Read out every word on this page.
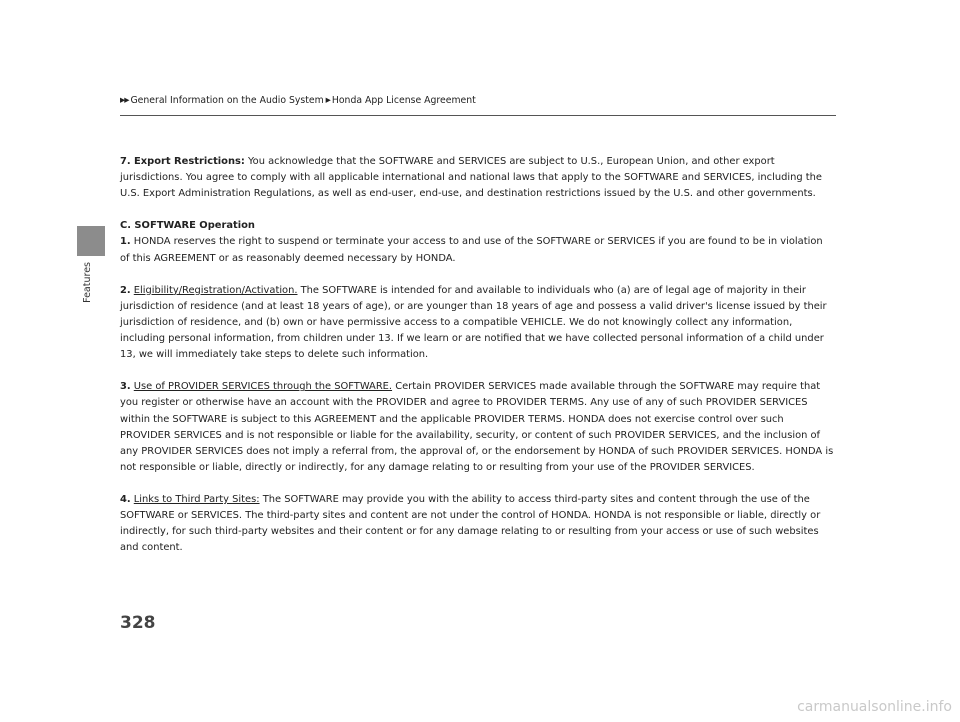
Features
▶▶ General Information on the Audio System ▶Honda App License Agreement

7. Export Restrictions: You acknowledge that the SOFTWARE and SERVICES are subject to U.S., European Union, and other export jurisdictions. You agree to comply with all applicable international and national laws that apply to the SOFTWARE and SERVICES, including the U.S. Export Administration Regulations, as well as end-user, end-use, and destination restrictions issued by the U.S. and other governments.

C. SOFTWARE Operation
1. HONDA reserves the right to suspend or terminate your access to and use of the SOFTWARE or SERVICES if you are found to be in violation of this AGREEMENT or as reasonably deemed necessary by HONDA.

2. Eligibility/Registration/Activation. The SOFTWARE is intended for and available to individuals who (a) are of legal age of majority in their jurisdiction of residence (and at least 18 years of age), or are younger than 18 years of age and possess a valid driver's license issued by their jurisdiction of residence, and (b) own or have permissive access to a compatible VEHICLE. We do not knowingly collect any information, including personal information, from children under 13. If we learn or are notified that we have collected personal information of a child under 13, we will immediately take steps to delete such information.

3. Use of PROVIDER SERVICES through the SOFTWARE. Certain PROVIDER SERVICES made available through the SOFTWARE may require that you register or otherwise have an account with the PROVIDER and agree to PROVIDER TERMS. Any use of any of such PROVIDER SERVICES within the SOFTWARE is subject to this AGREEMENT and the applicable PROVIDER TERMS. HONDA does not exercise control over such PROVIDER SERVICES and is not responsible or liable for the availability, security, or content of such PROVIDER SERVICES, and the inclusion of any PROVIDER SERVICES does not imply a referral from, the approval of, or the endorsement by HONDA of such PROVIDER SERVICES. HONDA is not responsible or liable, directly or indirectly, for any damage relating to or resulting from your use of the PROVIDER SERVICES.

4. Links to Third Party Sites: The SOFTWARE may provide you with the ability to access third-party sites and content through the use of the SOFTWARE or SERVICES. The third-party sites and content are not under the control of HONDA. HONDA is not responsible or liable, directly or indirectly, for such third-party websites and their content or for any damage relating to or resulting from your access or use of such websites and content.

328
carmanualsonline.info
